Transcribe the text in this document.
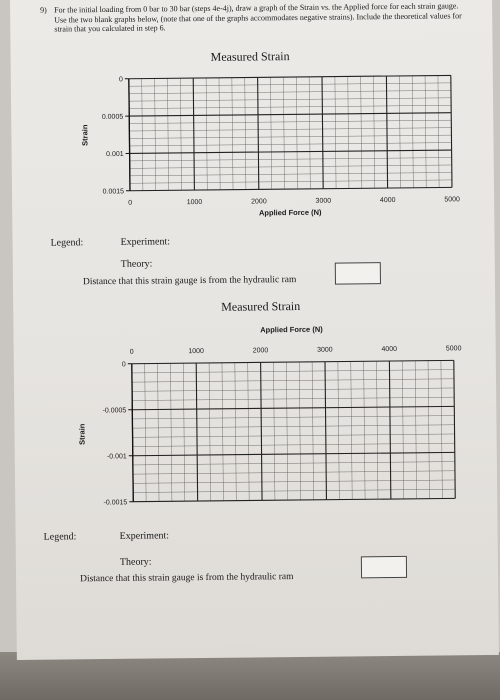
9) For the initial loading from 0 bar to 30 bar (steps 4e-4j), draw a graph of the Strain vs. the Applied force for each strain gauge. Use the two blank graphs below, (note that one of the graphs accommodates negative strains). Include the theoretical values for strain that you calculated in step 6.
Measured Strain
0.0015
0.001
0.0005
0
0	1000	2000	3000	4000	5000
Applied Force (N)
Strain
Legend:	Experiment:
Theory:
Distance that this strain gauge is from the hydraulic ram
Measured Strain
0
-0.0005
-0.001
-0.0015
0	1000	2000	3000	4000	5000
Applied Force (N)
Strain
Legend:	Experiment:
Theory:
Distance that this strain gauge is from the hydraulic ram
